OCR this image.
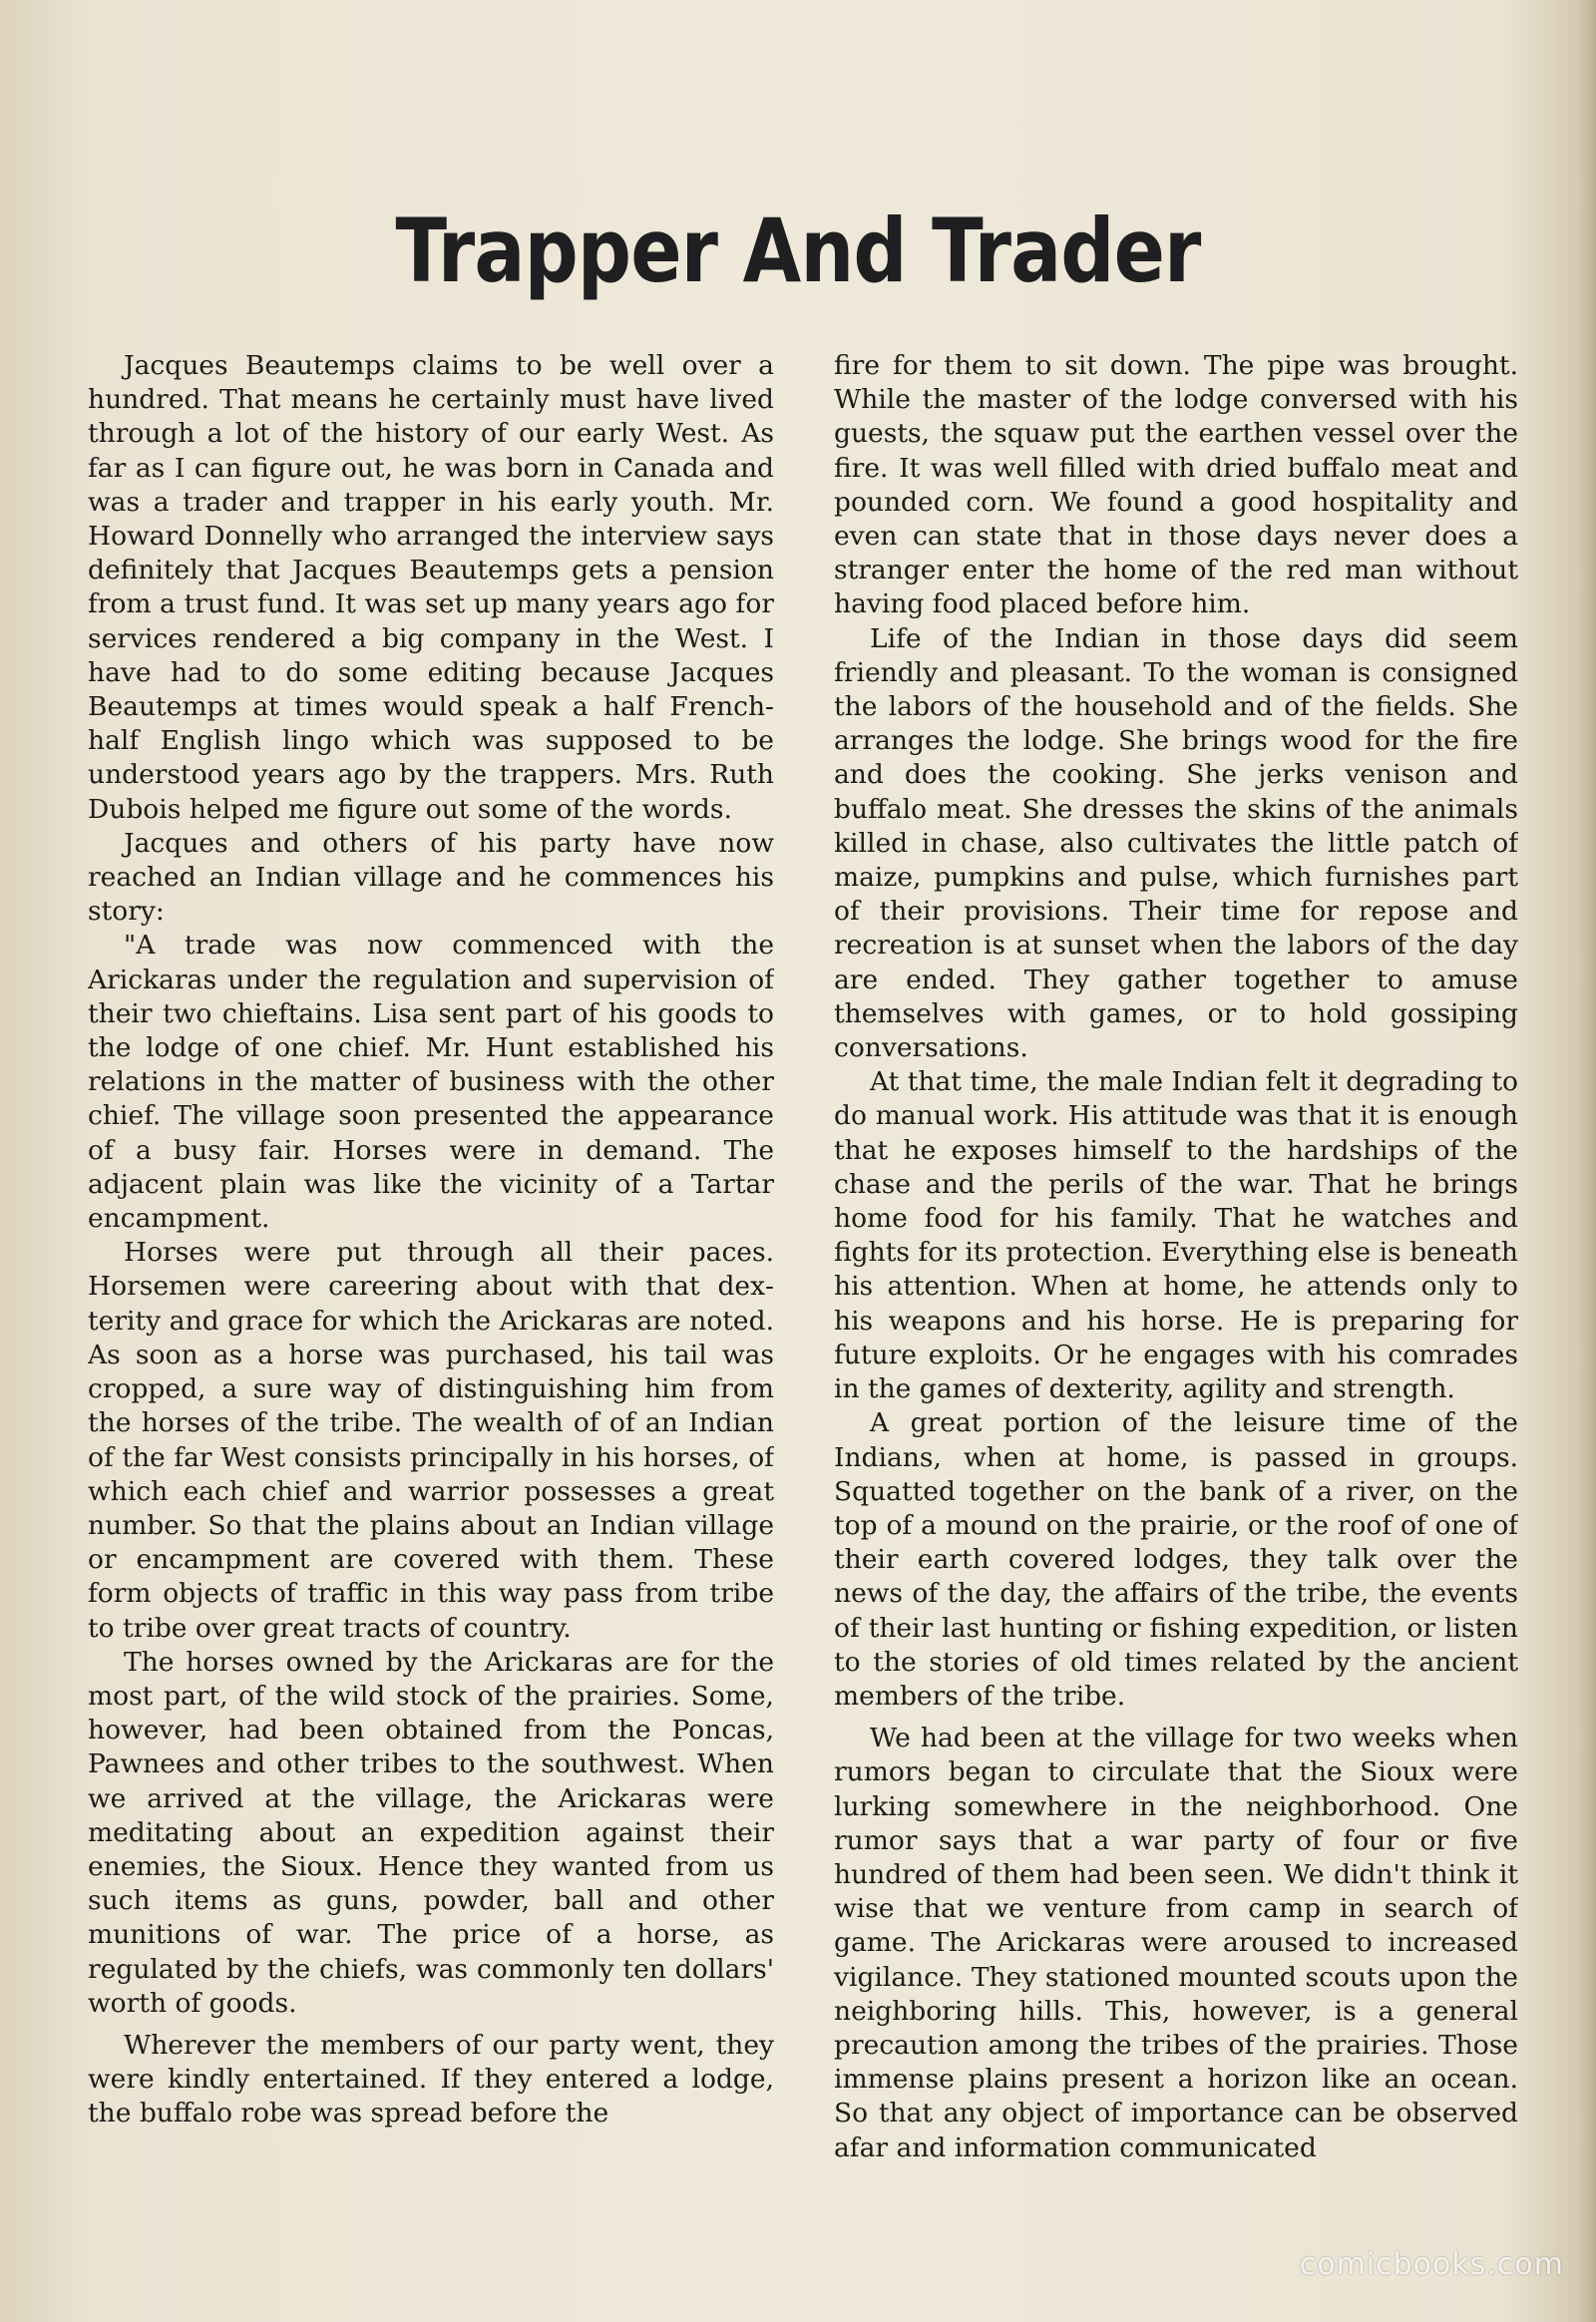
Trapper And Trader

Jacques Beautemps claims to be well over a hundred. That means he certainly must have lived through a lot of the history of our early West. As far as I can figure out, he was born in Canada and was a trader and trapper in his early youth. Mr. Howard Donnelly who arranged the interview says definitely that Jacques Beautemps gets a pension from a trust fund. It was set up many years ago for services rendered a big company in the West. I have had to do some editing because Jacques Beautemps at times would speak a half French-half English lingo which was supposed to be understood years ago by the trappers. Mrs. Ruth Dubois helped me figure out some of the words.

Jacques and others of his party have now reached an Indian village and he commences his story:

"A trade was now commenced with the Arickaras under the regulation and supervision of their two chieftains. Lisa sent part of his goods to the lodge of one chief. Mr. Hunt established his relations in the matter of business with the other chief. The village soon presented the appearance of a busy fair. Horses were in demand. The adjacent plain was like the vicinity of a Tartar encampment.

Horses were put through all their paces. Horsemen were careering about with that dexterity and grace for which the Arickaras are noted. As soon as a horse was purchased, his tail was cropped, a sure way of distinguishing him from the horses of the tribe. The wealth of of an Indian of the far West consists principally in his horses, of which each chief and warrior possesses a great number. So that the plains about an Indian village or encampment are covered with them. These form objects of traffic in this way pass from tribe to tribe over great tracts of country.

The horses owned by the Arickaras are for the most part, of the wild stock of the prairies. Some, however, had been obtained from the Poncas, Pawnees and other tribes to the southwest. When we arrived at the village, the Arickaras were meditating about an expedition against their enemies, the Sioux. Hence they wanted from us such items as guns, powder, ball and other munitions of war. The price of a horse, as regulated by the chiefs, was commonly ten dollars' worth of goods.

Wherever the members of our party went, they were kindly entertained. If they entered a lodge, the buffalo robe was spread before the

fire for them to sit down. The pipe was brought. While the master of the lodge conversed with his guests, the squaw put the earthen vessel over the fire. It was well filled with dried buffalo meat and pounded corn. We found a good hospitality and even can state that in those days never does a stranger enter the home of the red man without having food placed before him.

Life of the Indian in those days did seem friendly and pleasant. To the woman is consigned the labors of the household and of the fields. She arranges the lodge. She brings wood for the fire and does the cooking. She jerks venison and buffalo meat. She dresses the skins of the animals killed in chase, also cultivates the little patch of maize, pumpkins and pulse, which furnishes part of their provisions. Their time for repose and recreation is at sunset when the labors of the day are ended. They gather together to amuse themselves with games, or to hold gossiping conversations.

At that time, the male Indian felt it degrading to do manual work. His attitude was that it is enough that he exposes himself to the hardships of the chase and the perils of the war. That he brings home food for his family. That he watches and fights for its protection. Everything else is beneath his attention. When at home, he attends only to his weapons and his horse. He is preparing for future exploits. Or he engages with his comrades in the games of dexterity, agility and strength.

A great portion of the leisure time of the Indians, when at home, is passed in groups. Squatted together on the bank of a river, on the top of a mound on the prairie, or the roof of one of their earth covered lodges, they talk over the news of the day, the affairs of the tribe, the events of their last hunting or fishing expedition, or listen to the stories of old times related by the ancient members of the tribe.

We had been at the village for two weeks when rumors began to circulate that the Sioux were lurking somewhere in the neighborhood. One rumor says that a war party of four or five hundred of them had been seen. We didn't think it wise that we venture from camp in search of game. The Arickaras were aroused to increased vigilance. They stationed mounted scouts upon the neighboring hills. This, however, is a general precaution among the tribes of the prairies. Those immense plains present a horizon like an ocean. So that any object of importance can be observed afar and information communicated

comicbooks.com
